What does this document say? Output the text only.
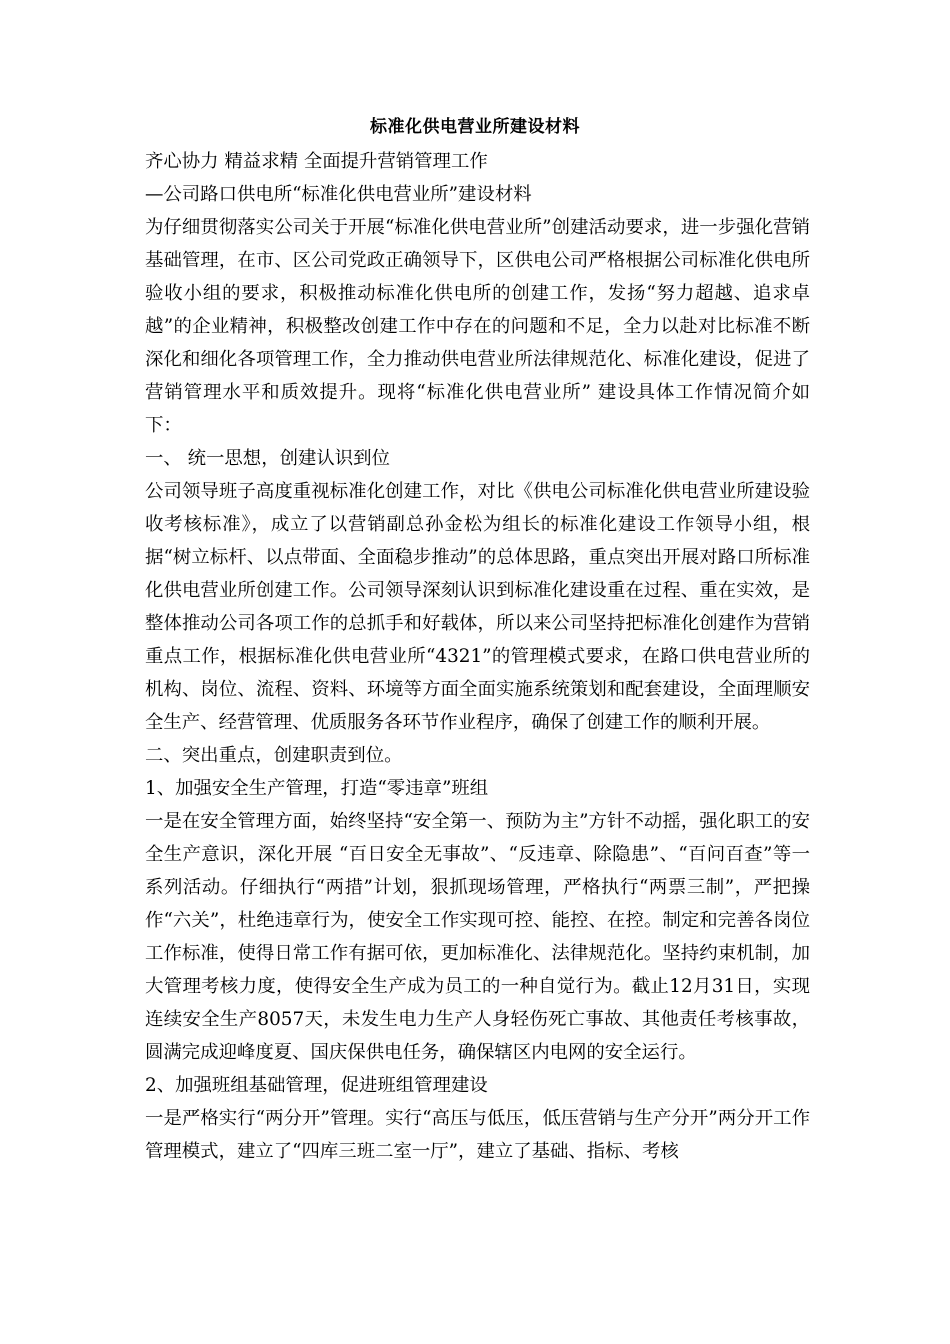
标准化供电营业所建设材料

齐心协力 精益求精 全面提升营销管理工作

—公司路口供电所“标准化供电营业所”建设材料

为仔细贯彻落实公司关于开展“标准化供电营业所”创建活动要求，进一步强化营销基础管理，在市、区公司党政正确领导下，区供电公司严格根据公司标准化供电所验收小组的要求，积极推动标准化供电所的创建工作，发扬“努力超越、追求卓越”的企业精神，积极整改创建工作中存在的问题和不足，全力以赴对比标准不断深化和细化各项管理工作，全力推动供电营业所法律规范化、标准化建设，促进了营销管理水平和质效提升。现将“标准化供电营业所” 建设具体工作情况简介如下：

一、 统一思想，创建认识到位

公司领导班子高度重视标准化创建工作，对比《供电公司标准化供电营业所建设验收考核标准》，成立了以营销副总孙金松为组长的标准化建设工作领导小组，根据“树立标杆、以点带面、全面稳步推动”的总体思路，重点突出开展对路口所标准化供电营业所创建工作。公司领导深刻认识到标准化建设重在过程、重在实效，是整体推动公司各项工作的总抓手和好载体，所以来公司坚持把标准化创建作为营销重点工作，根据标准化供电营业所“4321”的管理模式要求，在路口供电营业所的机构、岗位、流程、资料、环境等方面全面实施系统策划和配套建设，全面理顺安全生产、经营管理、优质服务各环节作业程序，确保了创建工作的顺利开展。

二、突出重点，创建职责到位。

1、加强安全生产管理，打造“零违章”班组

一是在安全管理方面，始终坚持“安全第一、预防为主”方针不动摇，强化职工的安全生产意识，深化开展 “百日安全无事故”、“反违章、除隐患”、“百问百查”等一系列活动。仔细执行“两措”计划，狠抓现场管理，严格执行“两票三制”，严把操作“六关”，杜绝违章行为，使安全工作实现可控、能控、在控。制定和完善各岗位工作标准，使得日常工作有据可依，更加标准化、法律规范化。坚持约束机制，加大管理考核力度，使得安全生产成为员工的一种自觉行为。截止12月31日，实现连续安全生产8057天，未发生电力生产人身轻伤死亡事故、其他责任考核事故，圆满完成迎峰度夏、国庆保供电任务，确保辖区内电网的安全运行。

2、加强班组基础管理，促进班组管理建设

一是严格实行“两分开”管理。实行“高压与低压，低压营销与生产分开”两分开工作管理模式，建立了“四库三班二室一厅”，建立了基础、指标、考核
